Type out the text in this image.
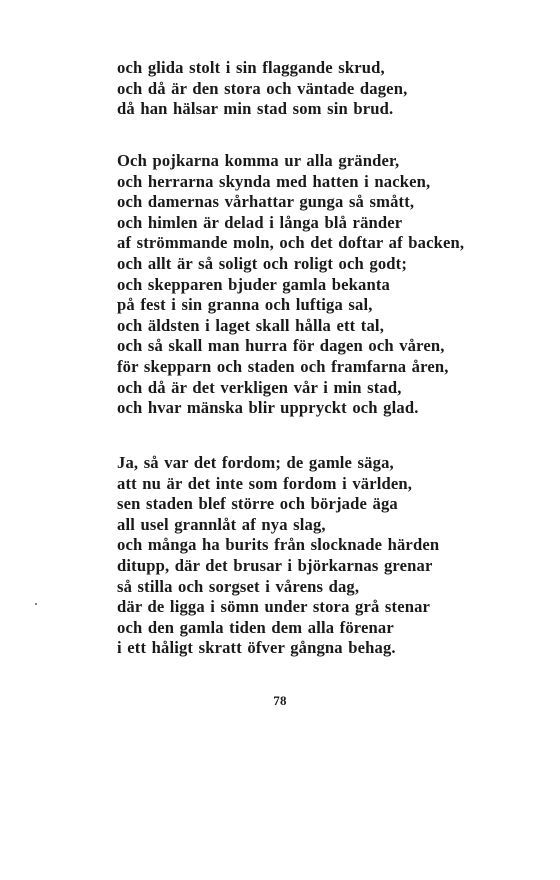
och glida stolt i sin flaggande skrud,
och då är den stora och väntade dagen,
då han hälsar min stad som sin brud.
Och pojkarna komma ur alla gränder,
och herrarna skynda med hatten i nacken,
och damernas vårhattar gunga så smått,
och himlen är delad i långa blå ränder
af strömmande moln, och det doftar af backen,
och allt är så soligt och roligt och godt;
och skepparen bjuder gamla bekanta
på fest i sin granna och luftiga sal,
och äldsten i laget skall hålla ett tal,
och så skall man hurra för dagen och våren,
för skepparn och staden och framfarna åren,
och då är det verkligen vår i min stad,
och hvar mänska blir uppryckt och glad.
Ja, så var det fordom; de gamle säga,
att nu är det inte som fordom i världen,
sen staden blef större och började äga
all usel grannlåt af nya slag,
och många ha burits från slocknade härden
ditupp, där det brusar i björkarnas grenar
så stilla och sorgset i vårens dag,
där de ligga i sömn under stora grå stenar
och den gamla tiden dem alla förenar
i ett håligt skratt öfver gångna behag.
78
